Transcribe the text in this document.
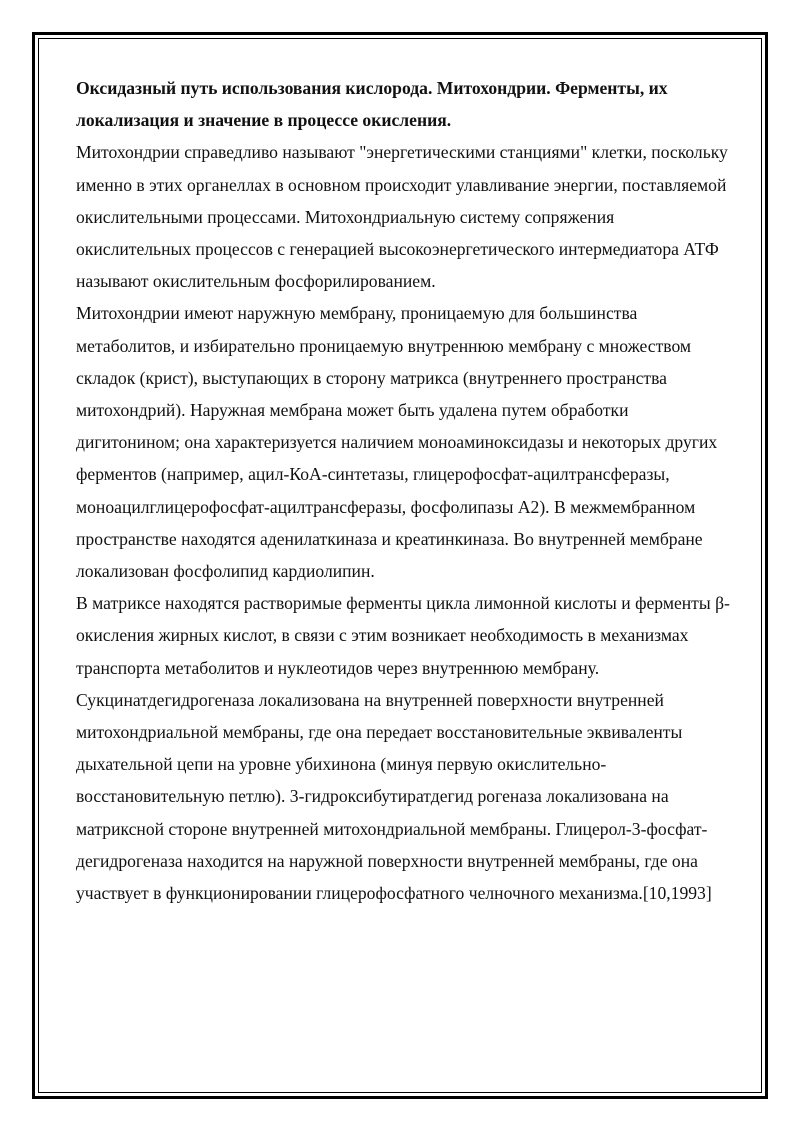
Оксидазный путь использования кислорода. Митохондрии. Ферменты, их локализация и значение в процессе окисления.

Митохондрии справедливо называют "энергетическими станциями" клетки, поскольку именно в этих органеллах в основном происходит улавливание энергии, поставляемой окислительными процессами. Митохондриальную систему сопряжения окислительных процессов с генерацией высокоэнергетического интермедиатора АТФ называют окислительным фосфорилированием.

Митохондрии имеют наружную мембрану, проницаемую для большинства метаболитов, и избирательно проницаемую внутреннюю мембрану с множеством складок (крист), выступающих в сторону матрикса (внутреннего пространства митохондрий). Наружная мембрана может быть удалена путем обработки дигитонином; она характеризуется наличием моноаминоксидазы и некоторых других ферментов (например, ацил-КоА-синтетазы, глицерофосфат-ацилтрансферазы, моноацилглицерофосфат-ацилтрансферазы, фосфолипазы А2). В межмембранном пространстве находятся аденилаткиназа и креатинкиназа. Во внутренней мембране локализован фосфолипид кардиолипин.

В матриксе находятся растворимые ферменты цикла лимонной кислоты и ферменты β-окисления жирных кислот, в связи с этим возникает необходимость в механизмах транспорта метаболитов и нуклеотидов через внутреннюю мембрану. Сукцинатдегидрогеназа локализована на внутренней поверхности внутренней митохондриальной мембраны, где она передает восстановительные эквиваленты дыхательной цепи на уровне убихинона (минуя первую окислительно-восстановительную петлю). 3-гидроксибутиратдегид рогеназа локализована на матриксной стороне внутренней митохондриальной мембраны. Глицерол-3-фосфат-дегидрогеназа находится на наружной поверхности внутренней мембраны, где она участвует в функционировании глицерофосфатного челночного механизма.[10,1993]
